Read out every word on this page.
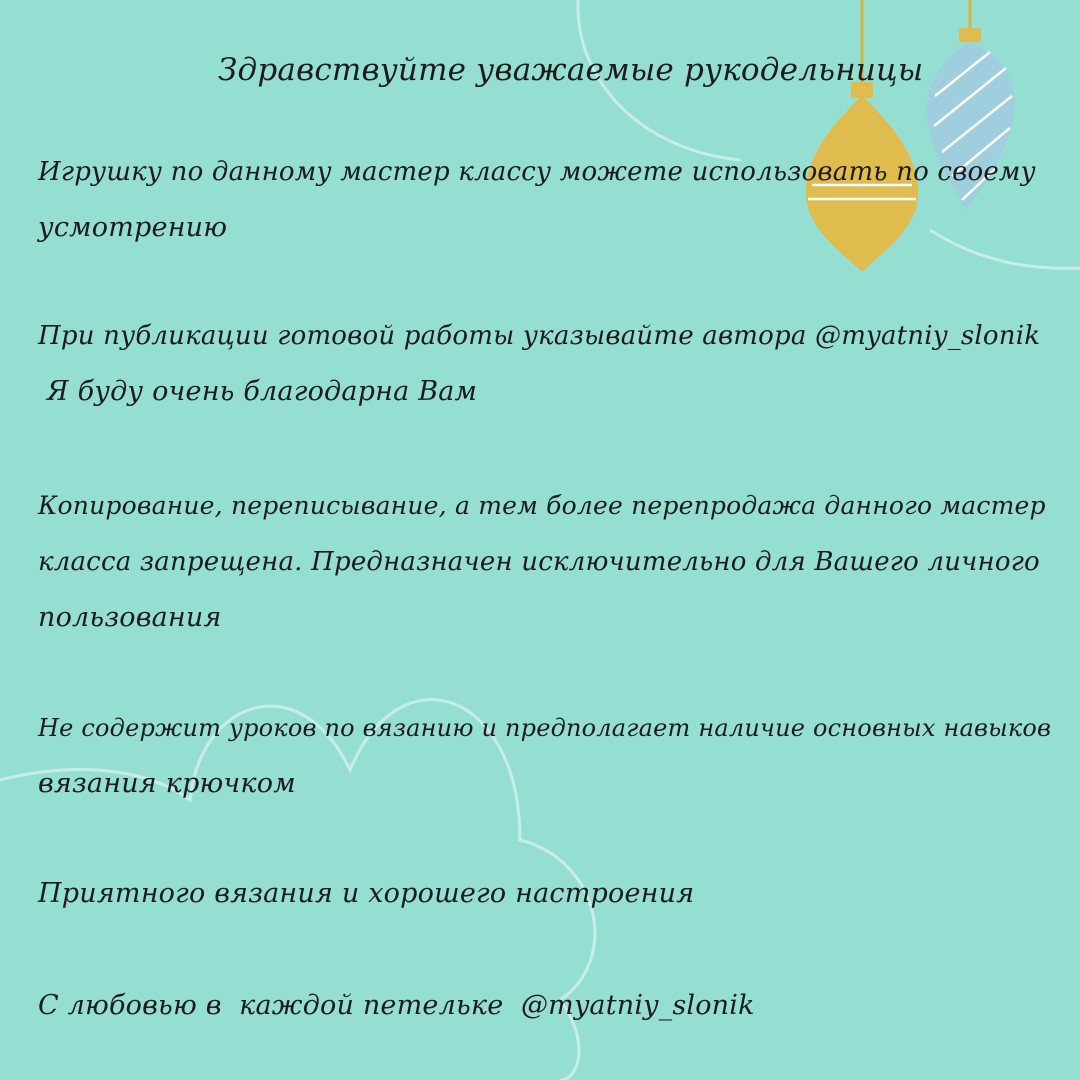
Здравствуйте уважаемые рукодельницы
Игрушку по данному мастер классу можете использовать по своему
усмотрению
При публикации готовой работы указывайте автора @myatniy_slonik
Я буду очень благодарна Вам
Копирование, переписывание, а тем более перепродажа данного мастер
класса запрещена. Предназначен исключительно для Вашего личного
пользования
Не содержит уроков по вязанию и предполагает наличие основных навыков
вязания крючком
Приятного вязания и хорошего настроения
С любовью в  каждой петельке  @myatniy_slonik
